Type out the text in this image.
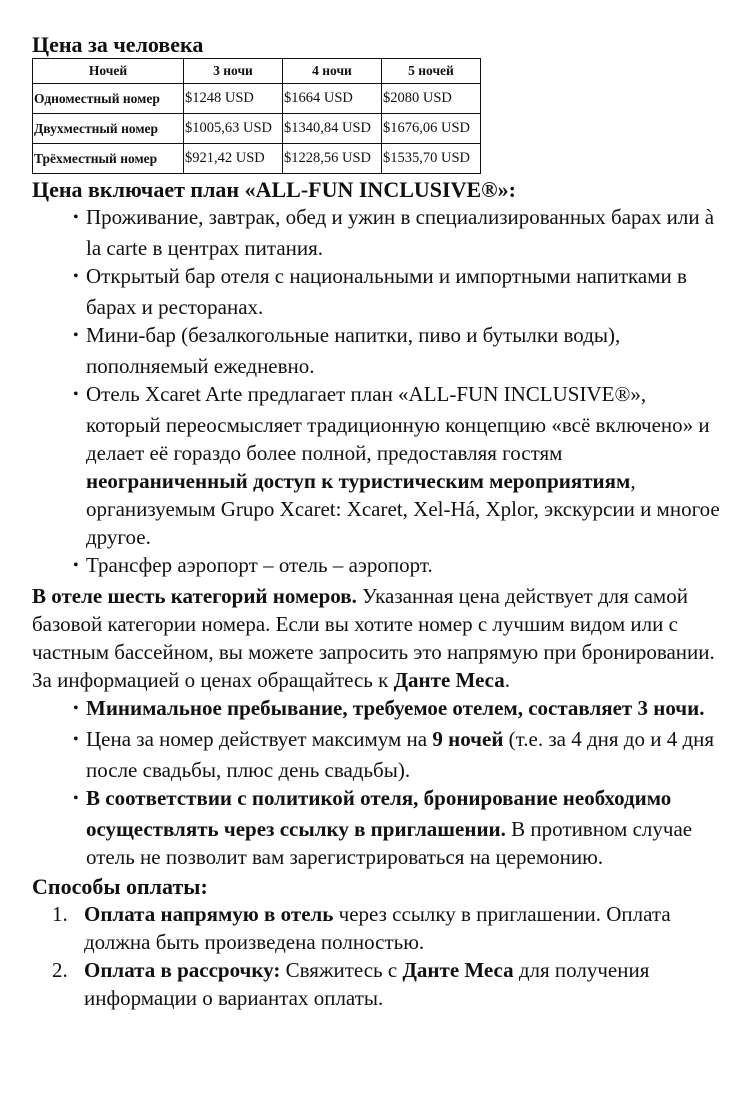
Цена за человека
Ночей	3 ночи	4 ночи	5 ночей
Одноместный номер	$1248 USD	$1664 USD	$2080 USD
Двухместный номер	$1005,63 USD	$1340,84 USD	$1676,06 USD
Трёхместный номер	$921,42 USD	$1228,56 USD	$1535,70 USD
Цена включает план «ALL-FUN INCLUSIVE®»:
•Проживание, завтрак, обед и ужин в специализированных барах или à la carte в центрах питания.
•Открытый бар отеля с национальными и импортными напитками в барах и ресторанах.
•Мини-бар (безалкогольные напитки, пиво и бутылки воды), пополняемый ежедневно.
•Отель Xcaret Arte предлагает план «ALL-FUN INCLUSIVE®», который переосмысляет традиционную концепцию «всё включено» и делает её гораздо более полной, предоставляя гостям неограниченный доступ к туристическим мероприятиям, организуемым Grupo Xcaret: Xcaret, Xel-Há, Xplor, экскурсии и многое другое.
•Трансфер аэропорт – отель – аэропорт.

В отеле шесть категорий номеров. Указанная цена действует для самой базовой категории номера. Если вы хотите номер с лучшим видом или с частным бассейном, вы можете запросить это напрямую при бронировании. За информацией о ценах обращайтесь к Данте Меса.

•Минимальное пребывание, требуемое отелем, составляет 3 ночи.
•Цена за номер действует максимум на 9 ночей (т.е. за 4 дня до и 4 дня после свадьбы, плюс день свадьбы).
•В соответствии с политикой отеля, бронирование необходимо осуществлять через ссылку в приглашении. В противном случае отель не позволит вам зарегистрироваться на церемонию.
Способы оплаты:
1. Оплата напрямую в отель через ссылку в приглашении. Оплата должна быть произведена полностью.
2. Оплата в рассрочку: Свяжитесь с Данте Меса для получения информации о вариантах оплаты.
